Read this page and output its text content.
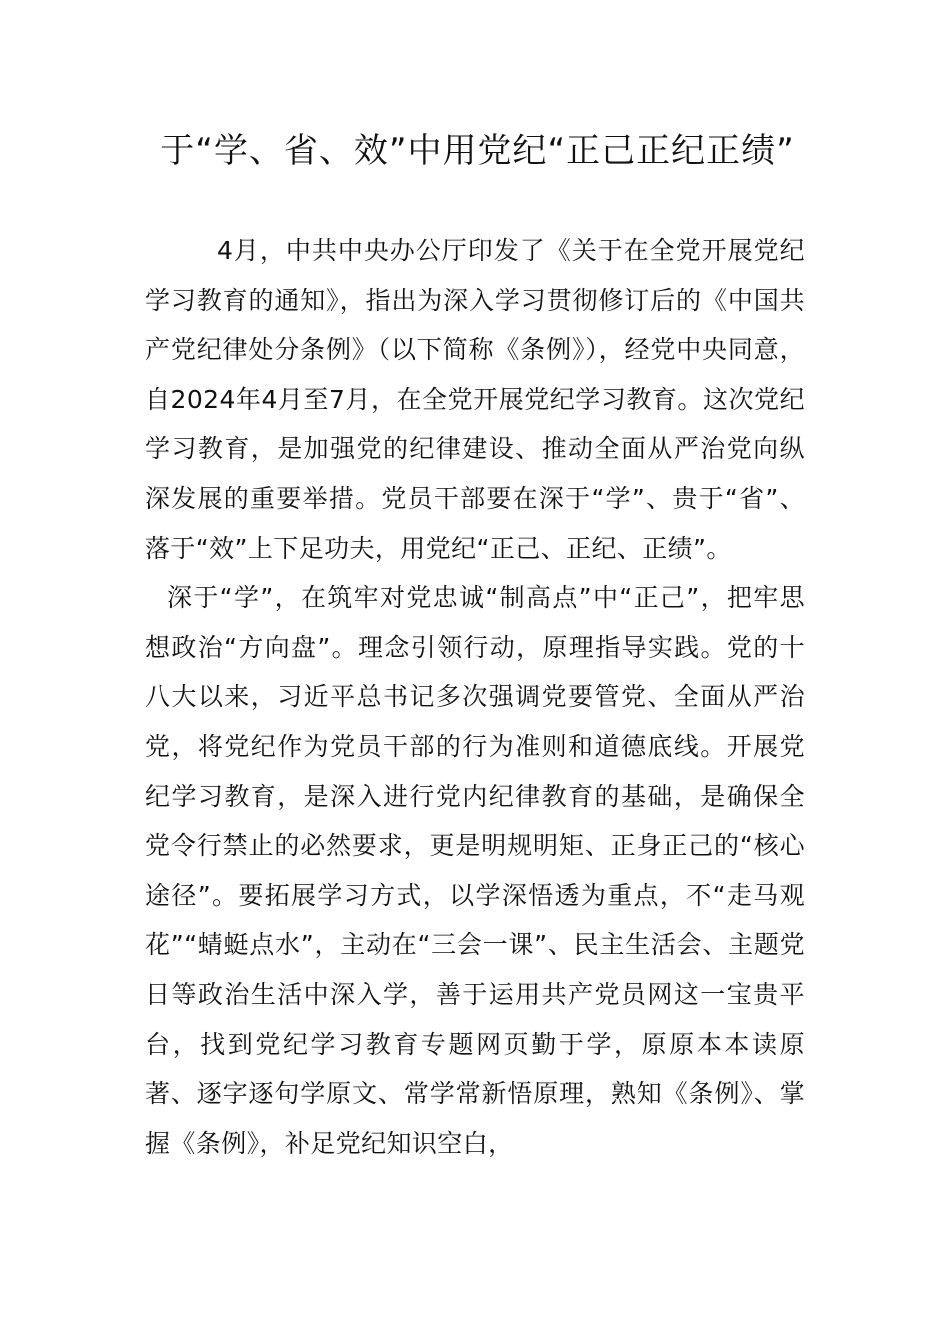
于“学、省、效”中用党纪“正己正纪正绩”

4月，中共中央办公厅印发了《关于在全党开展党纪学习教育的通知》，指出为深入学习贯彻修订后的《中国共产党纪律处分条例》（以下简称《条例》），经党中央同意，自2024年4月至7月，在全党开展党纪学习教育。这次党纪学习教育，是加强党的纪律建设、推动全面从严治党向纵深发展的重要举措。党员干部要在深于“学”、贵于“省”、落于“效”上下足功夫，用党纪“正己、正纪、正绩”。

深于“学”，在筑牢对党忠诚“制高点”中“正己”，把牢思想政治“方向盘”。理念引领行动，原理指导实践。党的十八大以来，习近平总书记多次强调党要管党、全面从严治党，将党纪作为党员干部的行为准则和道德底线。开展党纪学习教育，是深入进行党内纪律教育的基础，是确保全党令行禁止的必然要求，更是明规明矩、正身正己的“核心途径”。要拓展学习方式，以学深悟透为重点，不“走马观花”“蜻蜓点水”，主动在“三会一课”、民主生活会、主题党日等政治生活中深入学，善于运用共产党员网这一宝贵平台，找到党纪学习教育专题网页勤于学，原原本本读原著、逐字逐句学原文、常学常新悟原理，熟知《条例》、掌握《条例》，补足党纪知识空白，
